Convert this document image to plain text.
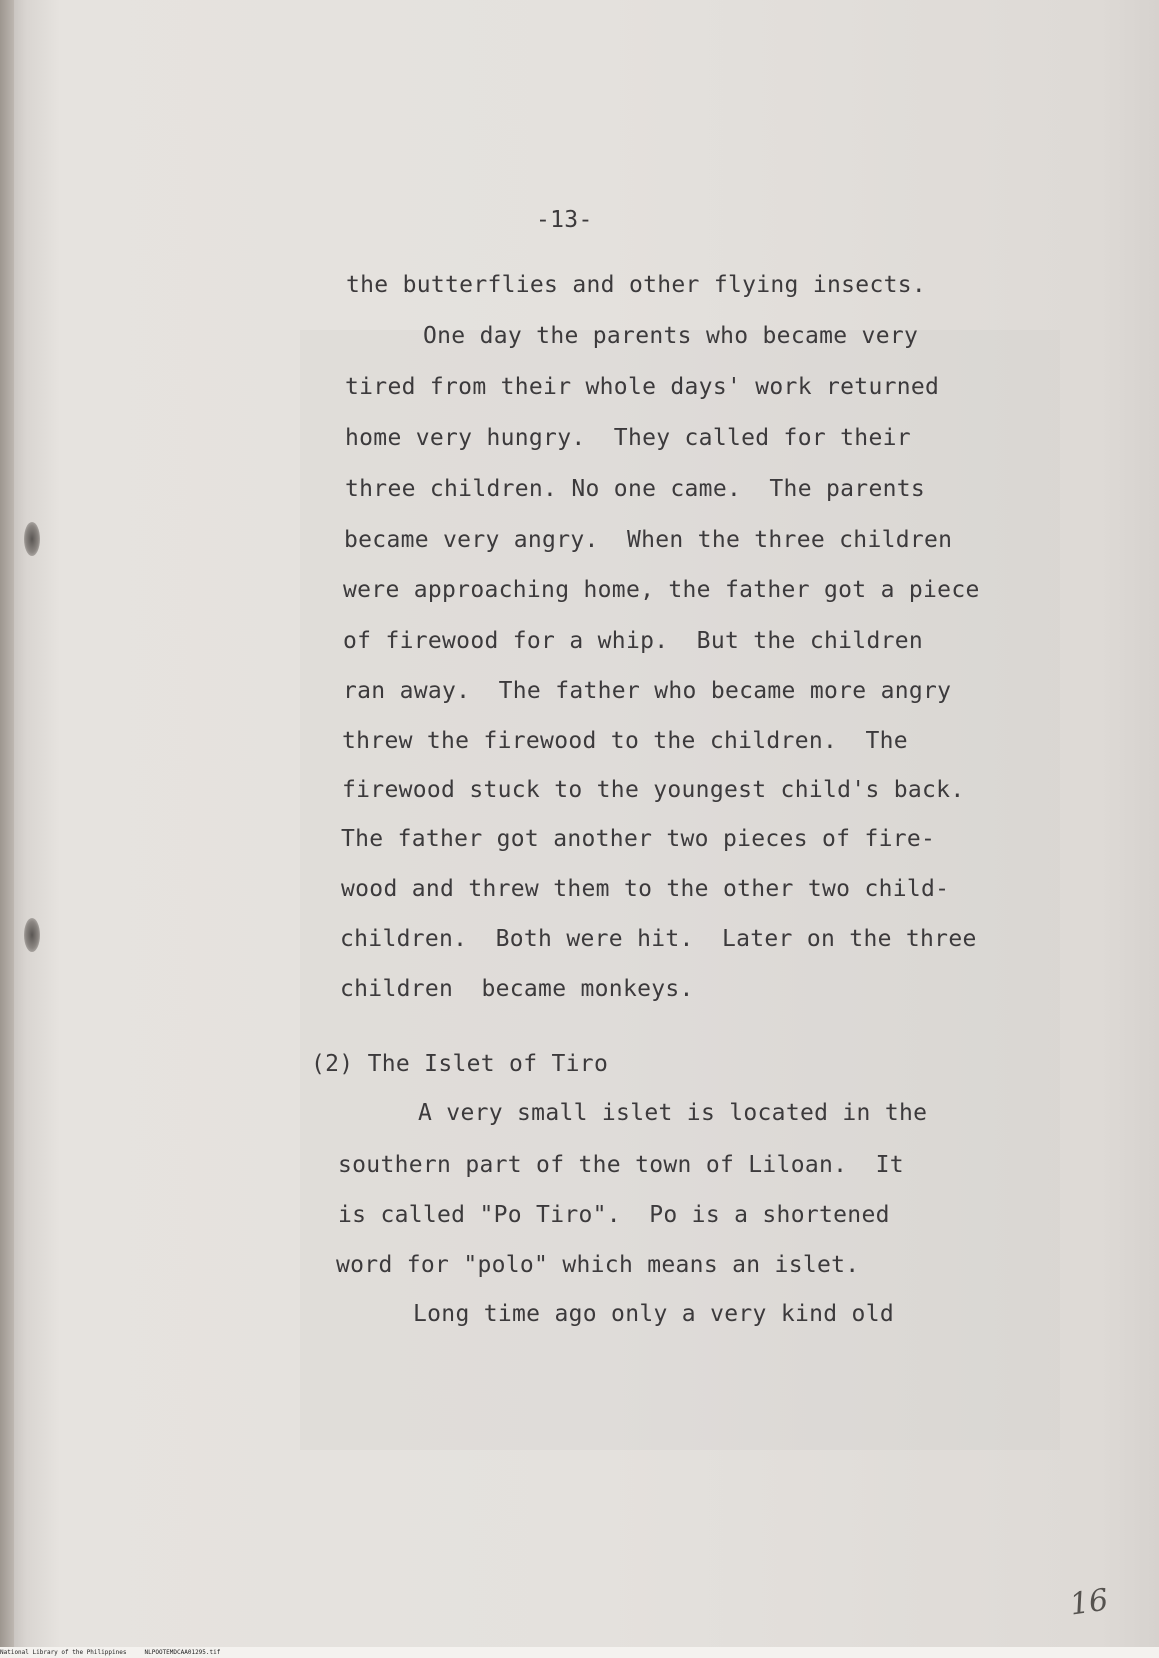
-13-
the butterflies and other flying insects.
One day the parents who became very
tired from their whole days' work returned
home very hungry.  They called for their
three children. No one came.  The parents
became very angry.  When the three children
were approaching home, the father got a piece
of firewood for a whip.  But the children
ran away.  The father who became more angry
threw the firewood to the children.  The
firewood stuck to the youngest child's back.
The father got another two pieces of fire-
wood and threw them to the other two child-
children.  Both were hit.  Later on the three
children  became monkeys.
(2) The Islet of Tiro
A very small islet is located in the
southern part of the town of Liloan.  It
is called "Po Tiro".  Po is a shortened
word for "polo" which means an islet.
Long time ago only a very kind old
16
National Library of the Philippines     NLPOOTEMDCAA01295.tif
